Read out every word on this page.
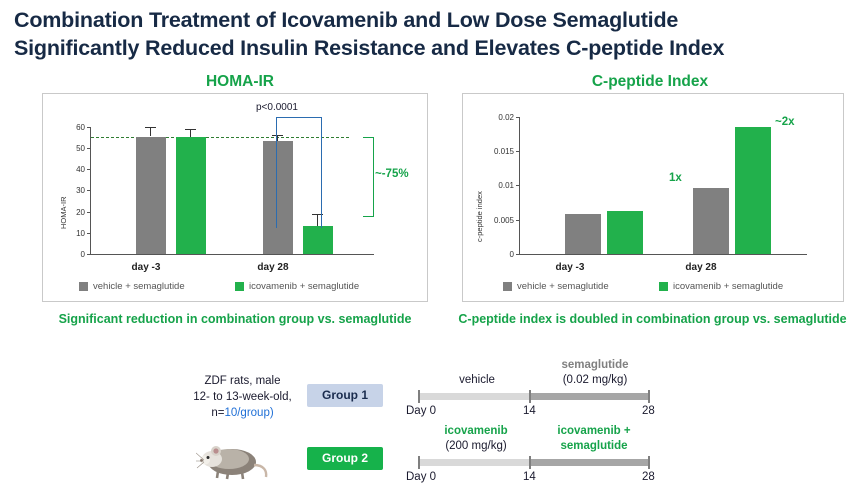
Combination Treatment of Icovamenib and Low Dose Semaglutide
Significantly Reduced Insulin Resistance and Elevates C-peptide Index
HOMA-IR
HOMA-IR
60
50
40
30
20
10
0
p<0.0001
~-75%
day -3	day 28
vehicle + semaglutide	icovamenib + semaglutide
Significant reduction in combination group vs. semaglutide
C-peptide Index
c-peptide index
0.02
0.015
0.01
0.005
0
1x
~2x
day -3	day 28
vehicle + semaglutide	icovamenib + semaglutide
C-peptide index is doubled in combination group vs. semaglutide
ZDF rats, male
12- to 13-week-old,
n=10/group)
Group 1
vehicle
semaglutide
(0.02 mg/kg)
Day 0	14	28
Group 2
icovamenib
(200 mg/kg)
icovamenib +
semaglutide
Day 0	14	28
